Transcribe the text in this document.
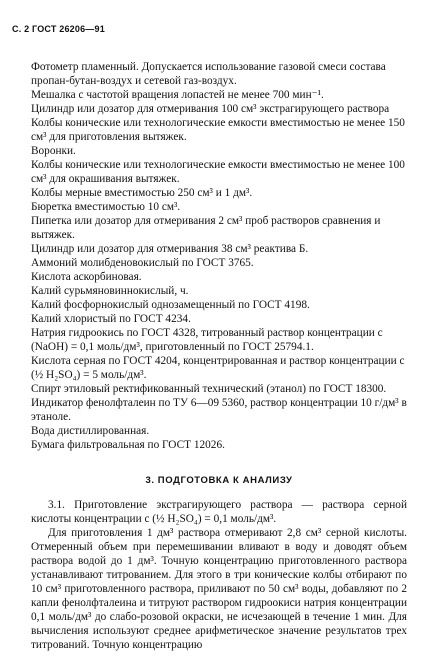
С. 2 ГОСТ 26206—91

Фотометр пламенный. Допускается использование газовой смеси состава пропан-бутан-воздух и сетевой газ-воздух.

Мешалка с частотой вращения лопастей не менее 700 мин⁻¹.

Цилиндр или дозатор для отмеривания 100 см³ экстрагирующего раствора

Колбы конические или технологические емкости вместимостью не менее 150 см³ для приготовления вытяжек.

Воронки.

Колбы конические или технологические емкости вместимостью не менее 100 см³ для окрашивания вытяжек.

Колбы мерные вместимостью 250 см³ и 1 дм³.

Бюретка вместимостью 10 см³.

Пипетка или дозатор для отмеривания 2 см³ проб растворов сравнения и вытяжек.

Цилиндр или дозатор для отмеривания 38 см³ реактива Б.

Аммоний молибденовокислый по ГОСТ 3765.

Кислота аскорбиновая.

Калий сурьмяновиннокислый, ч.

Калий фосфорнокислый однозамещенный по ГОСТ 4198.

Калий хлористый по ГОСТ 4234.

Натрия гидроокись по ГОСТ 4328, титрованный раствор концентрации с (NaOH) = 0,1 моль/дм³, приготовленный по ГОСТ 25794.1.

Кислота серная по ГОСТ 4204, концентрированная и раствор концентрации с (½ H₂SO₄) = 5 моль/дм³.

Спирт этиловый ректификованный технический (этанол) по ГОСТ 18300.

Индикатор фенолфталеин по ТУ 6—09 5360, раствор концентрации 10 г/дм³ в этаноле.

Вода дистиллированная.

Бумага фильтровальная по ГОСТ 12026.

3. ПОДГОТОВКА К АНАЛИЗУ

3.1. Приготовление экстрагирующего раствора — раствора серной кислоты концентрации с (½ H₂SO₄) = 0,1 моль/дм³.

Для приготовления 1 дм³ раствора отмеривают 2,8 см³ серной кислоты. Отмеренный объем при перемешивании вливают в воду и доводят объем раствора водой до 1 дм³. Точную концентрацию приготовленного раствора устанавливают титрованием. Для этого в три конические колбы отбирают по 10 см³ приготовленного раствора, приливают по 50 см³ воды, добавляют по 2 капли фенолфталеина и титруют раствором гидроокиси натрия концентрации 0,1 моль/дм³ до слабо-розовой окраски, не исчезающей в течение 1 мин. Для вычисления используют среднее арифметическое значение результатов трех титрований. Точную концентрацию
